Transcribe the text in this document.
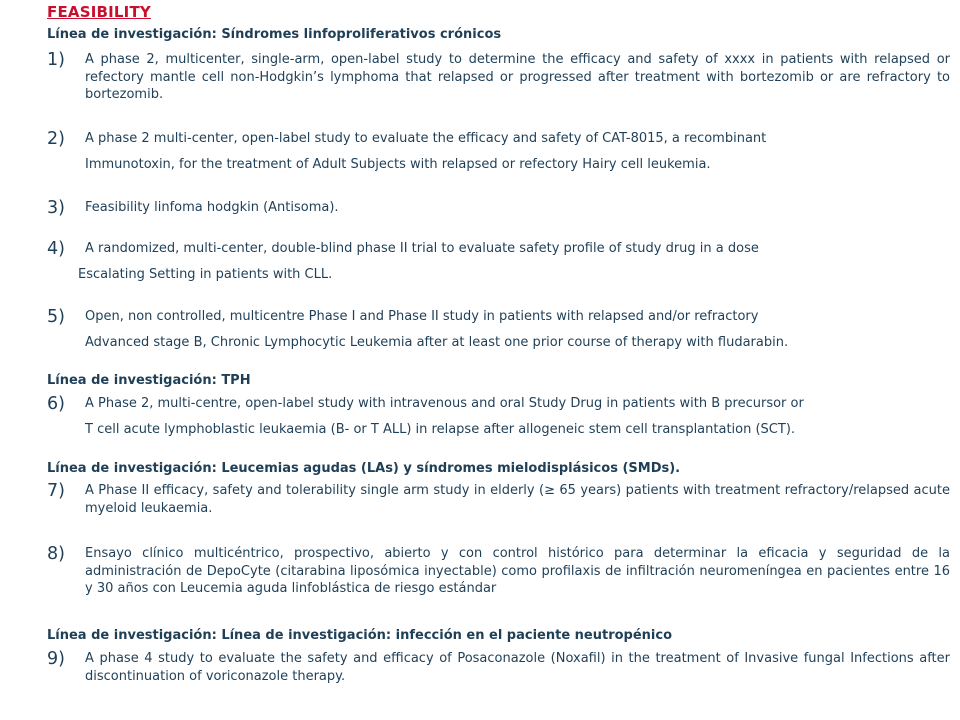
FEASIBILITY
Línea de investigación: Síndromes linfoproliferativos crónicos
1) A phase 2, multicenter, single-arm, open-label study to determine the efficacy and safety of xxxx in patients with relapsed or refectory mantle cell non-Hodgkin’s lymphoma that relapsed or progressed after treatment with bortezomib or are refractory to bortezomib.
2) A phase 2 multi-center, open-label study to evaluate the efficacy and safety of CAT-8015, a recombinant
Immunotoxin, for the treatment of Adult Subjects with relapsed or refectory Hairy cell leukemia.
3) Feasibility linfoma hodgkin (Antisoma).
4) A randomized, multi-center, double-blind phase II trial to evaluate safety profile of study drug in a dose
Escalating Setting in patients with CLL.
5) Open, non controlled, multicentre Phase I and Phase II study in patients with relapsed and/or refractory
Advanced stage B, Chronic Lymphocytic Leukemia after at least one prior course of therapy with fludarabin.
Línea de investigación: TPH
6) A Phase 2, multi-centre, open-label study with intravenous and oral Study Drug in patients with B precursor or
T cell acute lymphoblastic leukaemia (B- or T ALL) in relapse after allogeneic stem cell transplantation (SCT).
Línea de investigación: Leucemias agudas (LAs) y síndromes mielodisplásicos (SMDs).
7) A Phase II efficacy, safety and tolerability single arm study in elderly (≥ 65 years) patients with treatment refractory/relapsed acute myeloid leukaemia.
8) Ensayo clínico multicéntrico, prospectivo, abierto y con control histórico para determinar la eficacia y seguridad de la administración de DepoCyte (citarabina liposómica inyectable) como profilaxis de infiltración neuromeníngea en pacientes entre 16 y 30 años con Leucemia aguda linfoblástica de riesgo estándar
Línea de investigación: Línea de investigación: infección en el paciente neutropénico
9) A phase 4 study to evaluate the safety and efficacy of Posaconazole (Noxafil) in the treatment of Invasive fungal Infections after discontinuation of voriconazole therapy.
